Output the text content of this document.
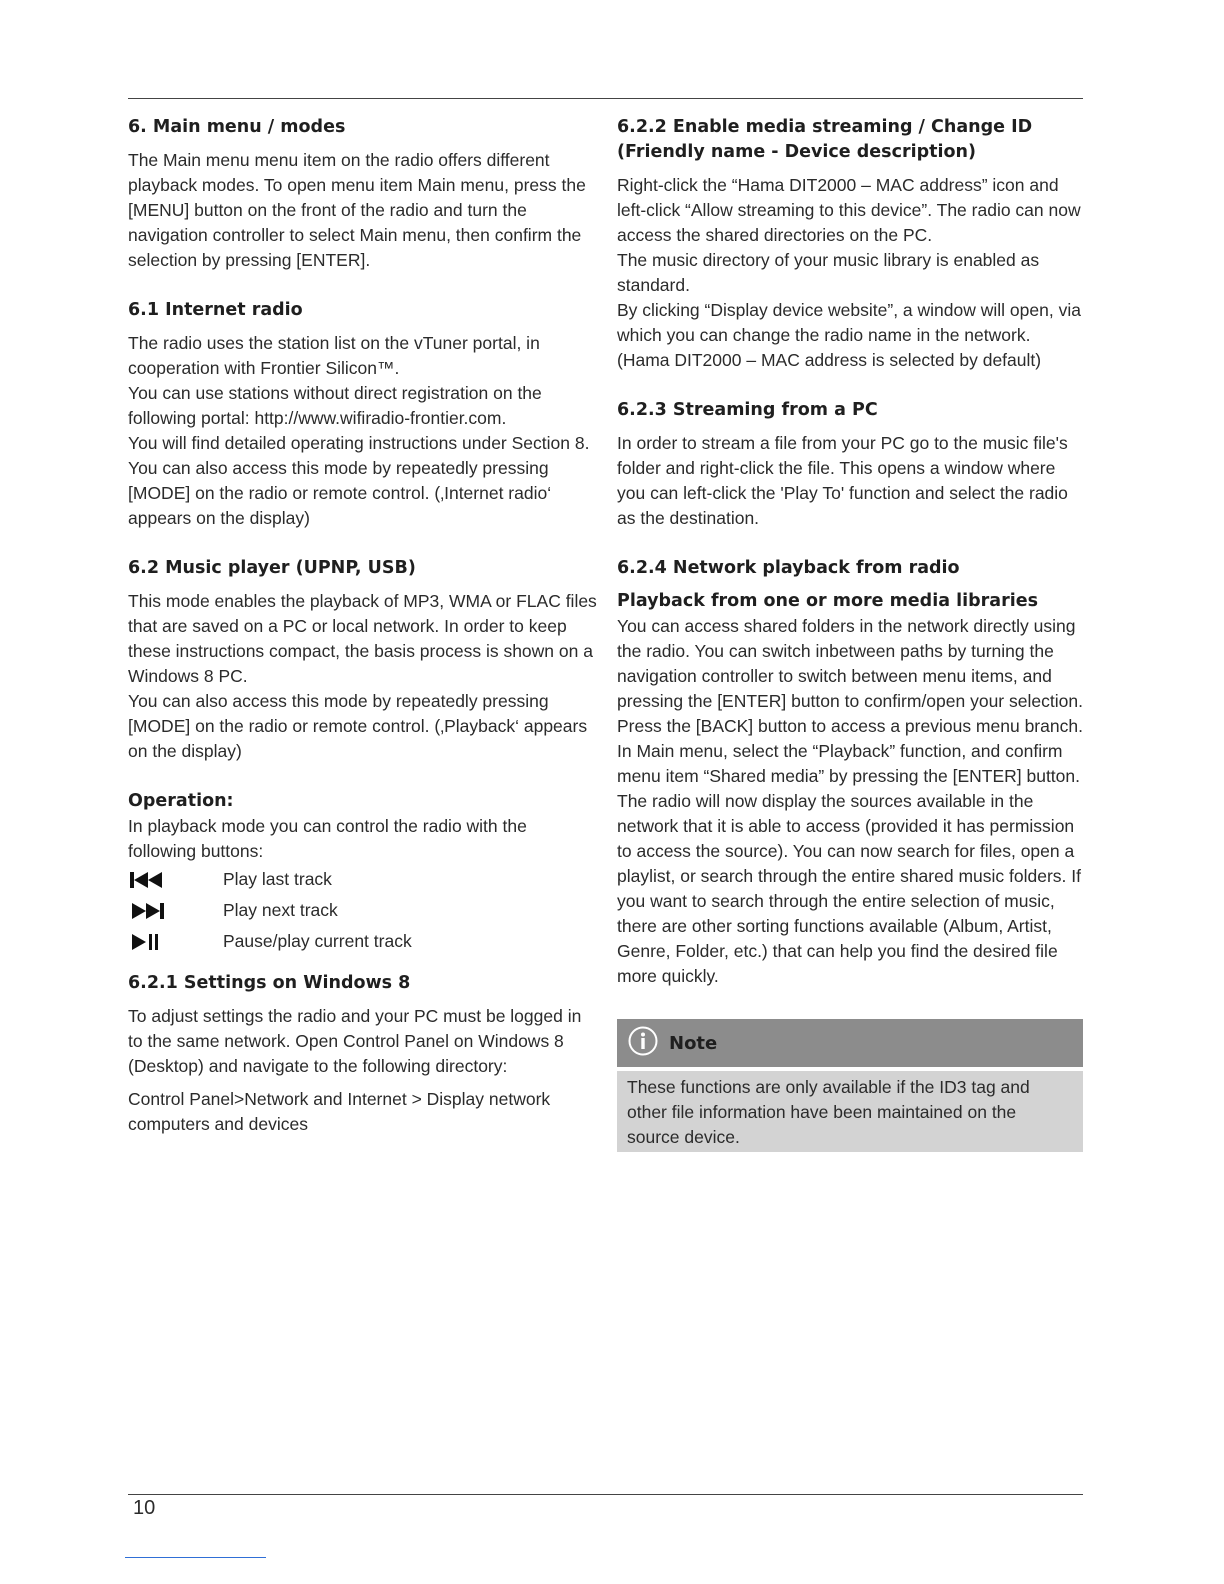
6. Main menu / modes

The Main menu menu item on the radio offers different playback modes. To open menu item Main menu, press the [MENU] button on the front of the radio and turn the navigation controller to select Main menu, then confirm the selection by pressing [ENTER].

6.1 Internet radio

The radio uses the station list on the vTuner portal, in cooperation with Frontier Silicon™.

You can use stations without direct registration on the following portal: http://www.wifiradio-frontier.com.

You will find detailed operating instructions under Section 8. You can also access this mode by repeatedly pressing [MODE] on the radio or remote control. (‚Internet radio‘ appears on the display)

6.2 Music player (UPNP, USB)

This mode enables the playback of MP3, WMA or FLAC files that are saved on a PC or local network. In order to keep these instructions compact, the basis process is shown on a Windows 8 PC.

You can also access this mode by repeatedly pressing [MODE] on the radio or remote control. (‚Playback‘ appears on the display)

Operation:

In playback mode you can control the radio with the following buttons:

Play last track
Play next track
Pause/play current track
6.2.1 Settings on Windows 8

To adjust settings the radio and your PC must be logged in to the same network. Open Control Panel on Windows 8 (Desktop) and navigate to the following directory:

Control Panel>Network and Internet > Display network computers and devices

6.2.2 Enable media streaming / Change ID (Friendly name - Device description)

Right-click the “Hama DIT2000 – MAC address” icon and left-click “Allow streaming to this device”. The radio can now access the shared directories on the PC.

The music directory of your music library is enabled as standard.

By clicking “Display device website”, a window will open, via which you can change the radio name in the network. (Hama DIT2000 – MAC address is selected by default)

6.2.3 Streaming from a PC

In order to stream a file from your PC go to the music file's folder and right-click the file. This opens a window where you can left-click the 'Play To' function and select the radio as the destination.

6.2.4 Network playback from radio
Playback from one or more media libraries

You can access shared folders in the network directly using the radio. You can switch inbetween paths by turning the navigation controller to switch between menu items, and pressing the [ENTER] button to confirm/open your selection. Press the [BACK] button to access a previous menu branch. In Main menu, select the “Playback” function, and confirm menu item “Shared media” by pressing the [ENTER] button. The radio will now display the sources available in the network that it is able to access (provided it has permission to access the source). You can now search for files, open a playlist, or search through the entire shared music folders. If you want to search through the entire selection of music, there are other sorting functions available (Album, Artist, Genre, Folder, etc.) that can help you find the desired file more quickly.

Note
These functions are only available if the ID3 tag and other file information have been maintained on the source device.
10
